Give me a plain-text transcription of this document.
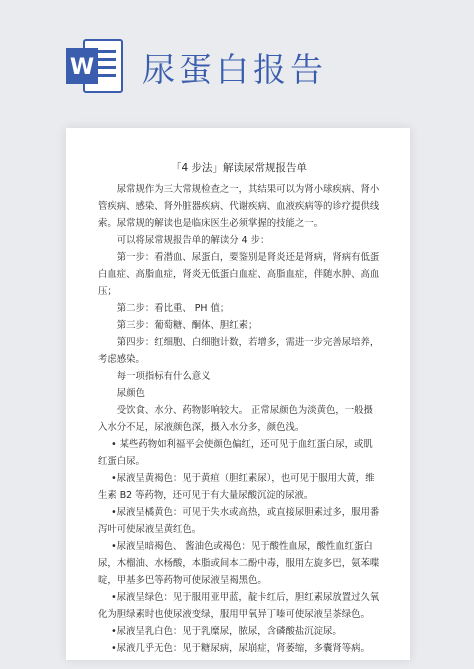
W 尿蛋白报告
「4 步法」解读尿常规报告单

尿常规作为三大常规检查之一，其结果可以为肾小球疾病、肾小管疾病、感染、肾外脏器疾病、代谢疾病、血液疾病等的诊疗提供线索。尿常规的解读也是临床医生必须掌握的技能之一。

可以将尿常规报告单的解读分 4 步：

第一步：看潜血、尿蛋白，要鉴别是肾炎还是肾病，肾病有低蛋白血症、高脂血症，肾炎无低蛋白血症、高脂血症，伴随水肿、高血压；

第二步：看比重、 PH 值；

第三步：葡萄糖、酮体、胆红素；

第四步：红细胞、白细胞计数，若增多，需进一步完善尿培养，考虑感染。

每一项指标有什么意义

尿颜色

受饮食、水分、药物影响较大。 正常尿颜色为淡黄色，一般摄入水分不足，尿液颜色深，摄入水分多，颜色浅。

• 某些药物如利福平会使颜色偏红，还可见于血红蛋白尿，或肌红蛋白尿。

•尿液呈黄褐色：见于黄疸（胆红素尿），也可见于服用大黄，维生素 B2 等药物，还可见于有大量尿酸沉淀的尿液。

•尿液呈橘黄色：可见于失水或高热，或直接尿胆素过多，服用番泻叶可使尿液呈黄红色。

•尿液呈暗褐色、 酱油色或褐色：见于酸性血尿，酸性血红蛋白尿，木榴油、水杨酸，本脂或间本二酚中毒，服用左旋多巴，氨苯喋啶，甲基多巴等药物可使尿液呈褐黑色。

•尿液呈绿色：见于服用亚甲蓝，靛卡红后，胆红素尿放置过久氧化为胆绿素时也使尿液变绿，服用甲氧异丁嗪可使尿液呈茶绿色。

•尿液呈乳白色：见于乳糜尿，脓尿，含磷酸盐沉淀尿。

•尿液几乎无色：见于糖尿病，尿崩症，肾萎缩，多囊肾等病。
